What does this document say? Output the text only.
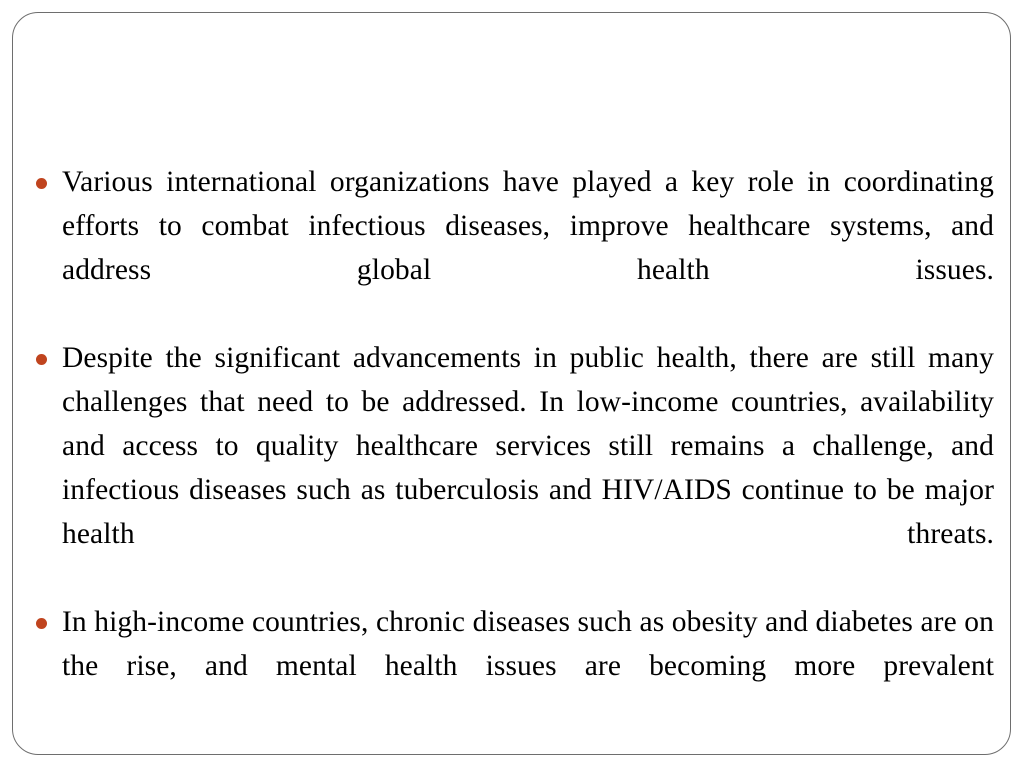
Various international organizations have played a key role in coordinating efforts to combat infectious diseases, improve healthcare systems, and address global health issues.
Despite the significant advancements in public health, there are still many challenges that need to be addressed. In low-income countries, availability and access to quality healthcare services still remains a challenge, and infectious diseases such as tuberculosis and HIV/AIDS continue to be major health threats.
In high-income countries, chronic diseases such as obesity and diabetes are on the rise, and mental health issues are becoming more prevalent
